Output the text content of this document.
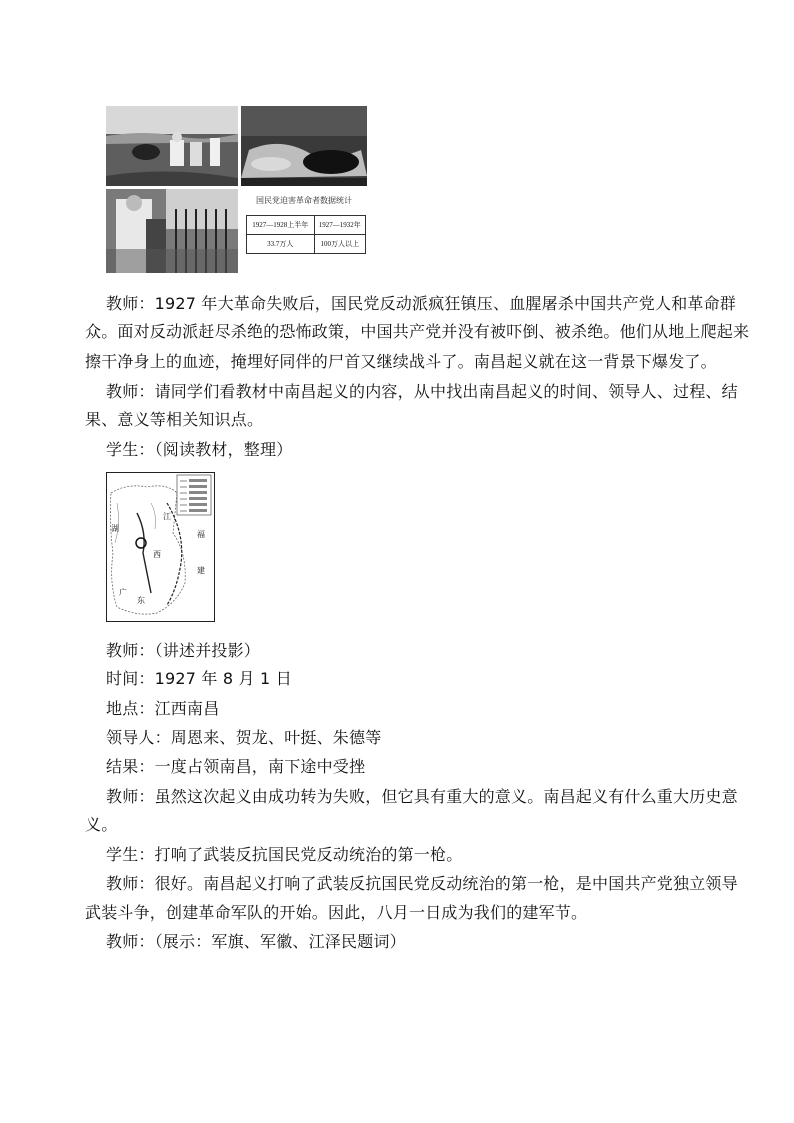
国民党迫害革命者数据统计
1927—1928上半年	1927—1932年
33.7万人	100万人以上
教师：1927 年大革命失败后，国民党反动派疯狂镇压、血腥屠杀中国共产党人和革命群
众。面对反动派赶尽杀绝的恐怖政策，中国共产党并没有被吓倒、被杀绝。他们从地上爬起来
擦干净身上的血迹，掩埋好同伴的尸首又继续战斗了。南昌起义就在这一背景下爆发了。
教师：请同学们看教材中南昌起义的内容，从中找出南昌起义的时间、领导人、过程、结
果、意义等相关知识点。
学生：（阅读教材，整理）
湖
江
西
广
东
福
建
教师：（讲述并投影）
时间：1927 年 8 月 1 日
地点：江西南昌
领导人：周恩来、贺龙、叶挺、朱德等
结果：一度占领南昌，南下途中受挫
教师：虽然这次起义由成功转为失败，但它具有重大的意义。南昌起义有什么重大历史意
义。
学生：打响了武装反抗国民党反动统治的第一枪。
教师：很好。南昌起义打响了武装反抗国民党反动统治的第一枪，是中国共产党独立领导
武装斗争，创建革命军队的开始。因此，八月一日成为我们的建军节。
教师：（展示：军旗、军徽、江泽民题词）
